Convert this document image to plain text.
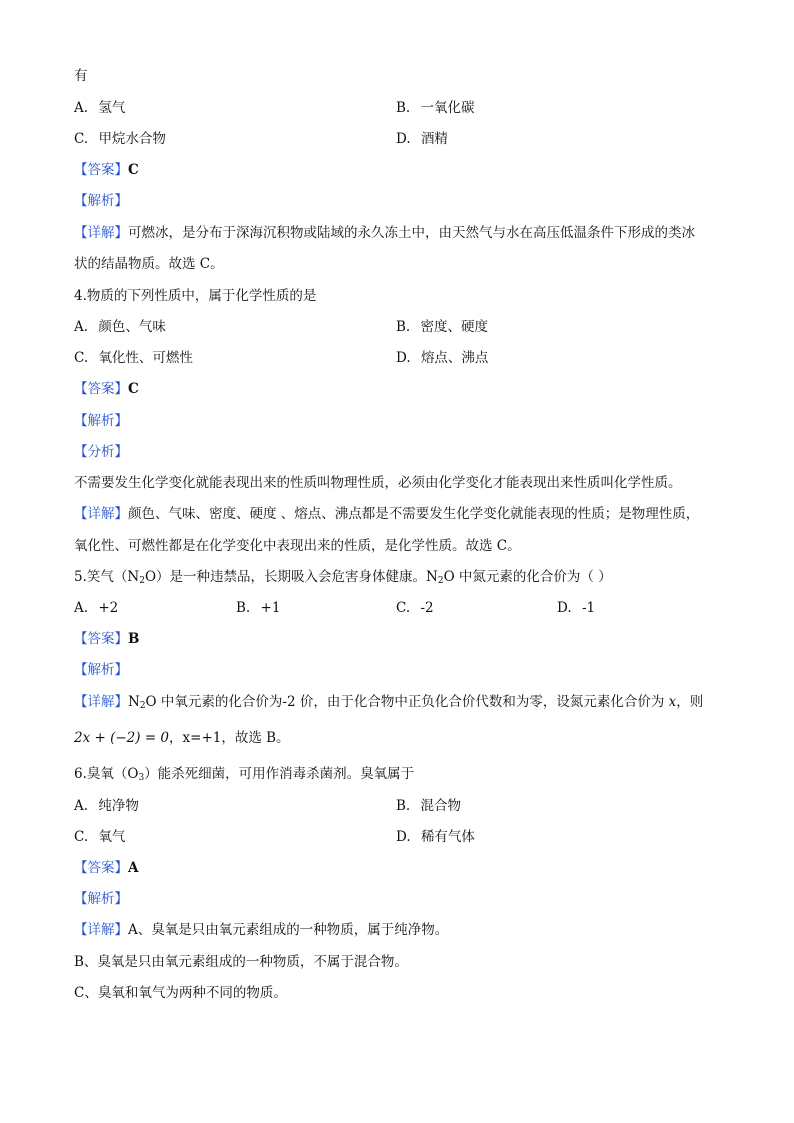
有
A. 氢气	B. 一氧化碳
C. 甲烷水合物	D. 酒精
【答案】C
【解析】
【详解】可燃冰，是分布于深海沉积物或陆域的永久冻土中，由天然气与水在高压低温条件下形成的类冰
状的结晶物质。故选 C。
4.物质的下列性质中，属于化学性质的是
A. 颜色、气味	B. 密度、硬度
C. 氧化性、可燃性	D. 熔点、沸点
【答案】C
【解析】
【分析】
不需要发生化学变化就能表现出来的性质叫物理性质，必须由化学变化才能表现出来性质叫化学性质。
【详解】颜色、气味、密度、硬度 、熔点、沸点都是不需要发生化学变化就能表现的性质；是物理性质，
氧化性、可燃性都是在化学变化中表现出来的性质，是化学性质。故选 C。
5.笑气$(N_2O)$是一种违禁品，长期吸入会危害身体健康。$N_2O$ 中氮元素的化合价为（ ）
A. +2	B. +1	C. -2	D. -1
【答案】B
【解析】
【详解】$N_2O$ 中氧元素的化合价为-2 价，由于化合物中正负化合价代数和为零，设氮元素化合价为 x，则
2x + (−2) = 0，x=+1，故选 B。
6.臭氧$(O_3)$能杀死细菌，可用作消毒杀菌剂。臭氧属于
A. 纯净物	B. 混合物
C. 氧气	D. 稀有气体
【答案】A
【解析】
【详解】A、臭氧是只由氧元素组成的一种物质，属于纯净物。
B、臭氧是只由氧元素组成的一种物质，不属于混合物。
C、臭氧和氧气为两种不同的物质。
